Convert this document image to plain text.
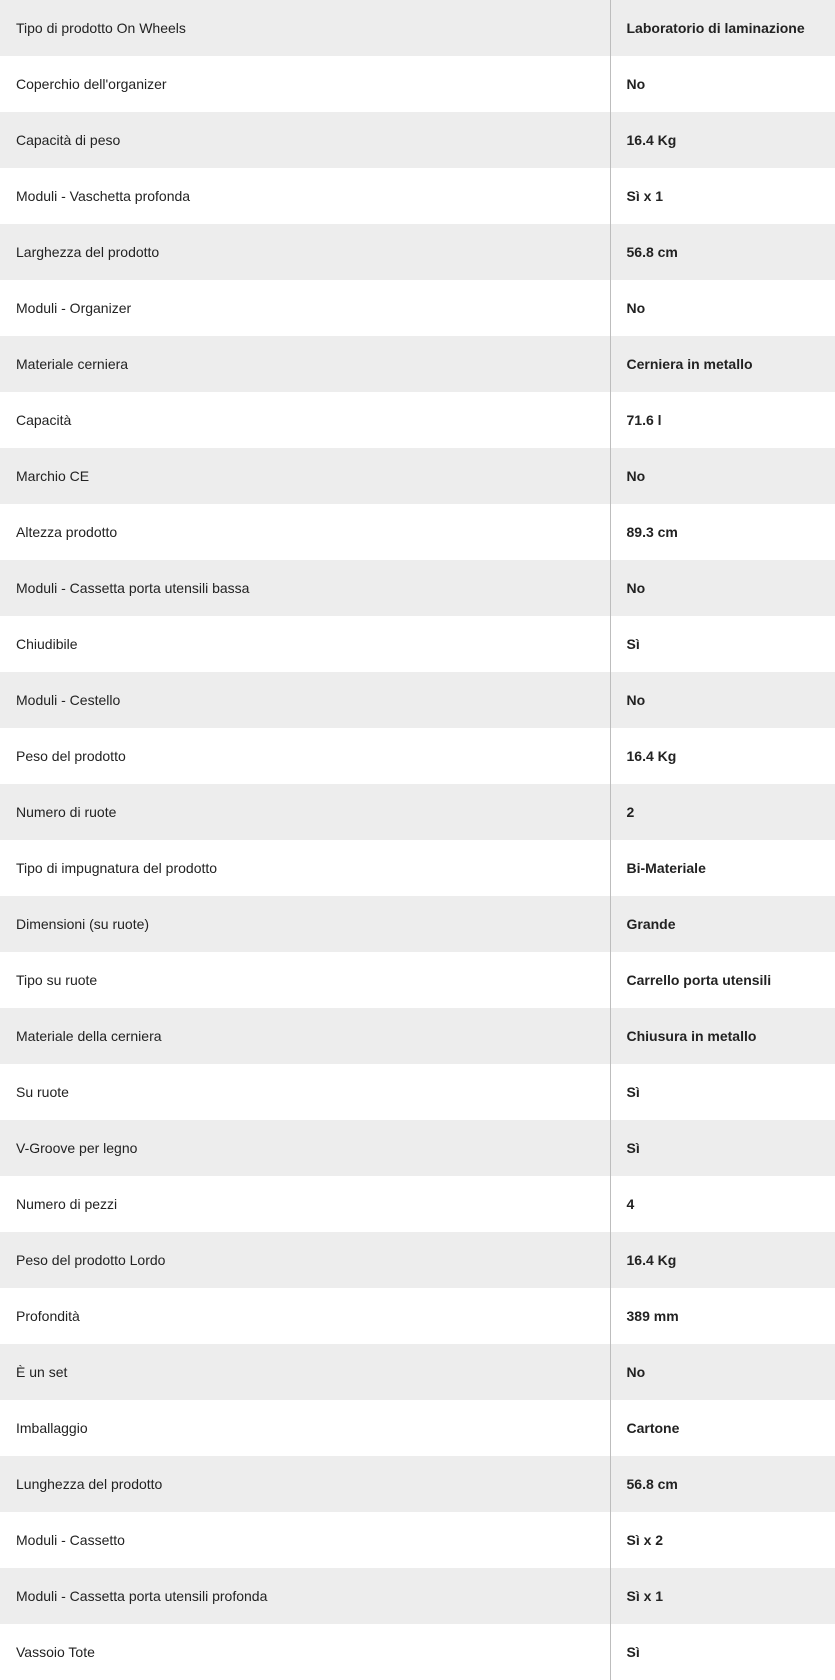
Tipo di prodotto On Wheels	Laboratorio di laminazione
Coperchio dell'organizer	No
Capacità di peso	16.4 Kg
Moduli - Vaschetta profonda	Sì x 1
Larghezza del prodotto	56.8 cm
Moduli - Organizer	No
Materiale cerniera	Cerniera in metallo
Capacità	71.6 l
Marchio CE	No
Altezza prodotto	89.3 cm
Moduli - Cassetta porta utensili bassa	No
Chiudibile	Sì
Moduli - Cestello	No
Peso del prodotto	16.4 Kg
Numero di ruote	2
Tipo di impugnatura del prodotto	Bi-Materiale
Dimensioni (su ruote)	Grande
Tipo su ruote	Carrello porta utensili
Materiale della cerniera	Chiusura in metallo
Su ruote	Sì
V-Groove per legno	Sì
Numero di pezzi	4
Peso del prodotto Lordo	16.4 Kg
Profondità	389 mm
È un set	No
Imballaggio	Cartone
Lunghezza del prodotto	56.8 cm
Moduli - Cassetto	Sì x 2
Moduli - Cassetta porta utensili profonda	Sì x 1
Vassoio Tote	Sì
